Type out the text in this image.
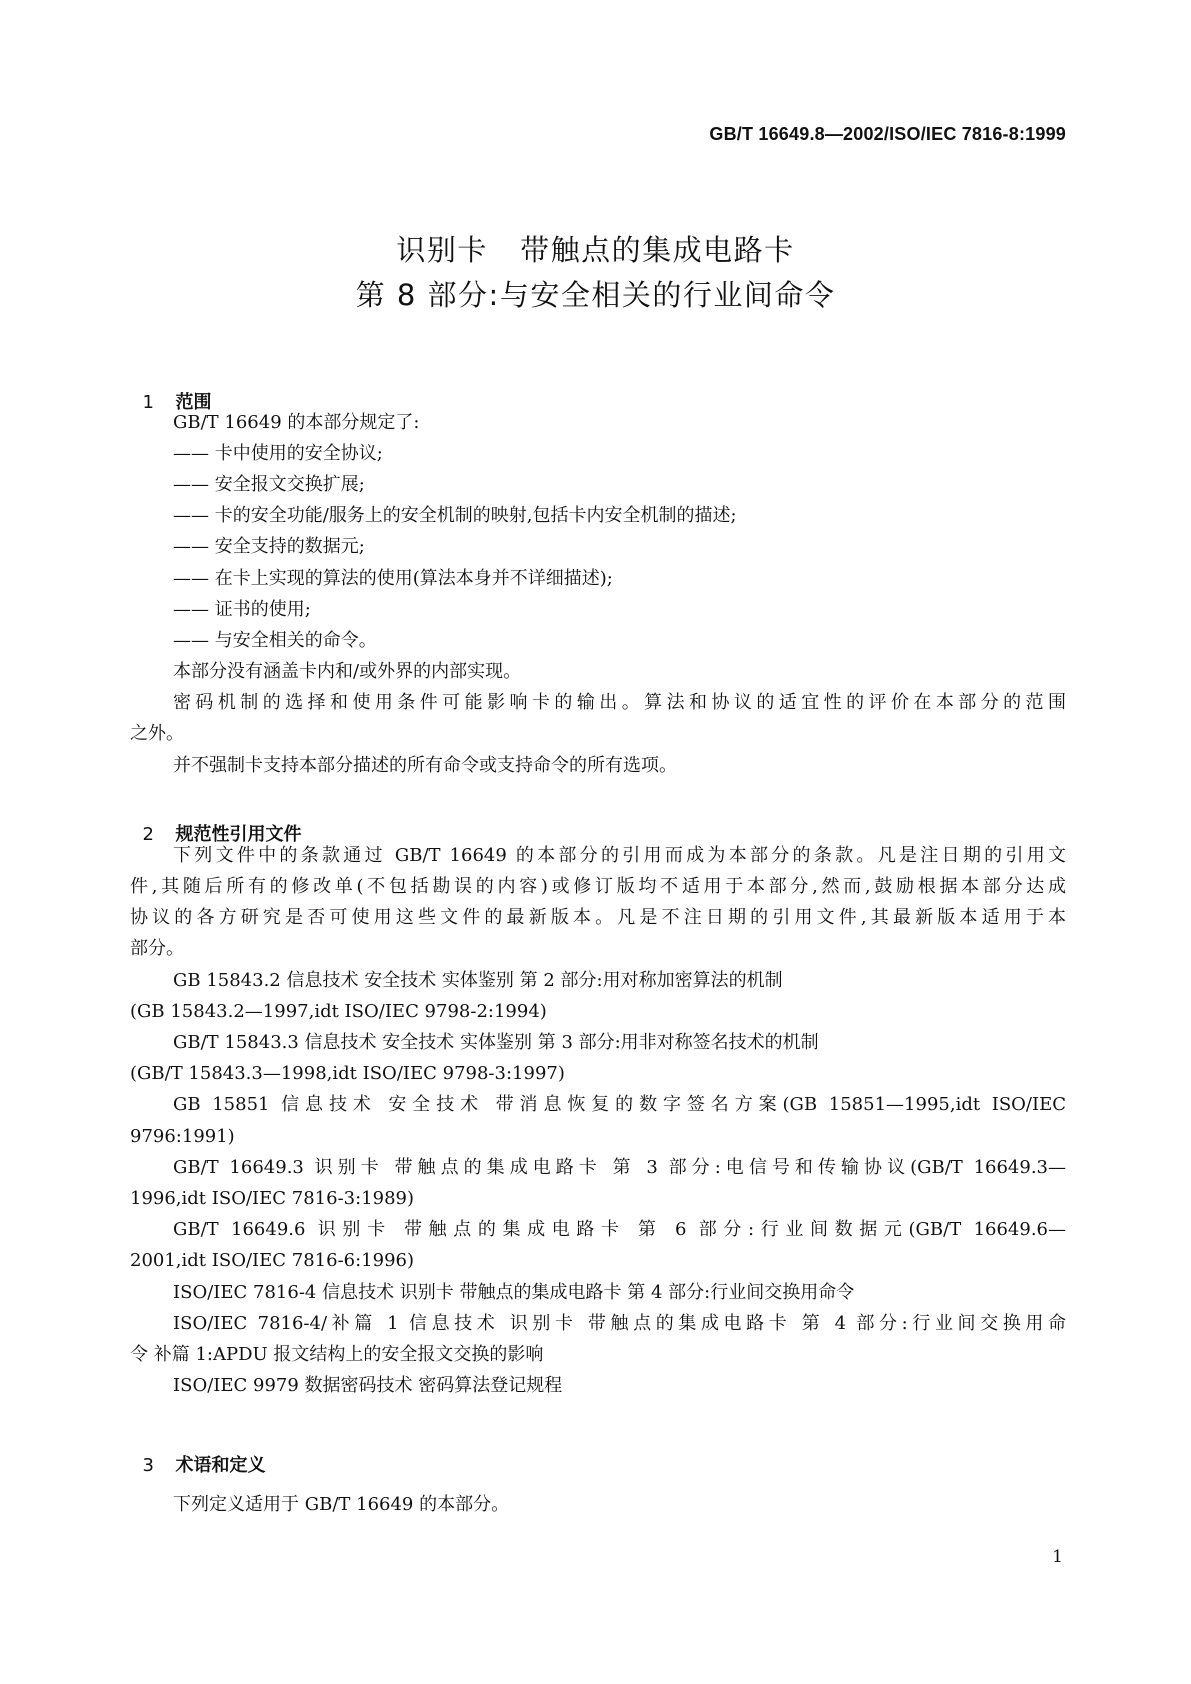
GB/T 16649.8—2002/ISO/IEC 7816-8:1999
识别卡   带触点的集成电路卡
第 8 部分:与安全相关的行业间命令

1 范围

GB/T 16649 的本部分规定了:
—— 卡中使用的安全协议;
—— 安全报文交换扩展;
—— 卡的安全功能/服务上的安全机制的映射,包括卡内安全机制的描述;
—— 安全支持的数据元;
—— 在卡上实现的算法的使用(算法本身并不详细描述);
—— 证书的使用;
—— 与安全相关的命令。
本部分没有涵盖卡内和/或外界的内部实现。
密码机制的选择和使用条件可能影响卡的输出。算法和协议的适宜性的评价在本部分的范围
之外。
并不强制卡支持本部分描述的所有命令或支持命令的所有选项。

2 规范性引用文件

下列文件中的条款通过 GB/T 16649 的本部分的引用而成为本部分的条款。凡是注日期的引用文
件,其随后所有的修改单(不包括勘误的内容)或修订版均不适用于本部分,然而,鼓励根据本部分达成
协议的各方研究是否可使用这些文件的最新版本。凡是不注日期的引用文件,其最新版本适用于本
部分。
GB 15843.2 信息技术 安全技术 实体鉴别 第 2 部分:用对称加密算法的机制
(GB 15843.2—1997,idt ISO/IEC 9798-2:1994)
GB/T 15843.3 信息技术 安全技术 实体鉴别 第 3 部分:用非对称签名技术的机制
(GB/T 15843.3—1998,idt ISO/IEC 9798-3:1997)
GB 15851 信息技术 安全技术 带消息恢复的数字签名方案(GB 15851—1995,idt ISO/IEC
9796:1991)
GB/T 16649.3 识别卡 带触点的集成电路卡 第 3 部分:电信号和传输协议(GB/T 16649.3—
1996,idt ISO/IEC 7816-3:1989)
GB/T 16649.6 识别卡 带触点的集成电路卡 第 6 部分:行业间数据元(GB/T 16649.6—
2001,idt ISO/IEC 7816-6:1996)
ISO/IEC 7816-4 信息技术 识别卡 带触点的集成电路卡 第 4 部分:行业间交换用命令
ISO/IEC 7816-4/补篇 1 信息技术 识别卡 带触点的集成电路卡 第 4 部分:行业间交换用命
令 补篇 1:APDU 报文结构上的安全报文交换的影响
ISO/IEC 9979 数据密码技术 密码算法登记规程

3 术语和定义

下列定义适用于 GB/T 16649 的本部分。
1
